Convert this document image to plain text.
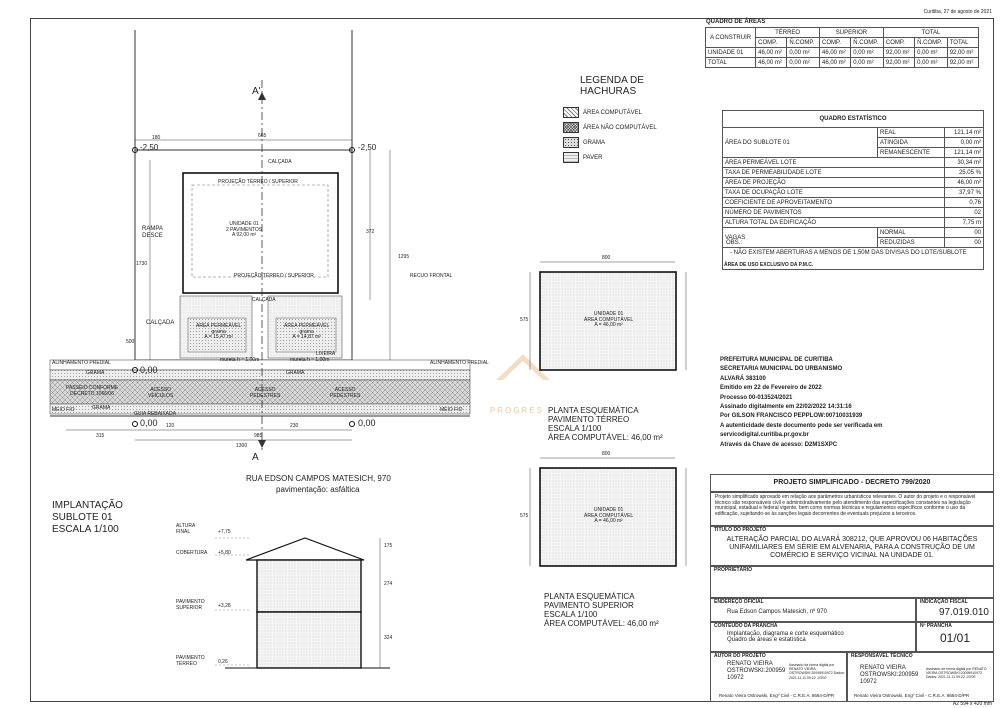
Curitiba, 27 de agosto de 2021
QUADRO DE ÁREAS
A CONSTRUIR	TÉRREO		SUPERIOR		TOTAL		
	COMP.	Ñ.COMP.	COMP.	Ñ.COMP.	COMP.	Ñ.COMP.	TOTAL
UNIDADE 01	46,00 m²	0,00 m²	46,00 m²	0,00 m²	92,00 m²	0,00 m²	92,00 m²
TOTAL	46,00 m²	0,00 m²	46,00 m²	0,00 m²	92,00 m²	0,00 m²	92,00 m²
QUADRO ESTATÍSTICO
ÁREA DO SUBLOTE 01	REAL	121,14 m²
	ATINGIDA	0,00 m²
	REMANESCENTE	121,14 m²
ÁREA PERMEÁVEL LOTE		30,34 m²
TAXA DE PERMEABILIDADE LOTE		25,05 %
ÁREA DE PROJEÇÃO		46,00 m²
TAXA DE OCUPAÇÃO LOTE		37,97 %
COEFICIENTE DE APROVEITAMENTO		0,76
NÚMERO DE PAVIMENTOS		02
ALTURA TOTAL DA EDIFICAÇÃO		7,75 m
VAGAS	NORMAL	00
	REDUZIDAS	00
OBS.:
- NÃO EXISTEM ABERTURAS A MENOS DE 1,50M DAS DIVISAS DO LOTE/SUBLOTE
ÁREA DE USO EXCLUSIVO DA P.M.C.
PREFEITURA MUNICIPAL DE CURITIBA
SECRETARIA MUNICIPAL DO URBANISMO
ALVARÁ 383100
Emitido em 22 de Fevereiro de 2022
Processo 00-013524/2021
Assinado digitalmente em 22/02/2022 14:31:16
Por GILSON FRANCISCO PEPPLOW:00710031939
A autenticidade deste documento pode ser verificada em
servicodigital.curitiba.pr.gov.br
Através da Chave de acesso: D2M1SXPC
PROGRES
LEGENDA DE
HACHURAS
ÁREA COMPUTÁVEL
ÁREA NÃO COMPUTÁVEL
GRAMA
PAVER
180	665
-2,50	-2,50
CALÇADA
PROJEÇÃO TÉRREO / SUPERIOR
PROJEÇÃO TÉRREO / SUPERIOR
UNIDADE 01
2 PAVIMENTOS
A 92,00 m²
RAMPA
DESCE
RECUO FRONTAL
1730
1295
372
CALÇADA
CALÇADA	ÁREA PERMEÁVEL
grama
A = 15,47 m²
ÁREA PERMEÁVEL
grama
A = 14,87 m²
LIXEIRA
mureta h = 1,00m	mureta h = 1,00m
ALINHAMENTO PREDIAL
500
0,00
GRAMA	GRAMA
PASSEIO CONFORME
DECRETO 1066/06
ACESSO
VEÍCULOS
ACESSO
PEDESTRES
ACESSO
PEDESTRES
GRAMA
MEIO FIO
GUIA REBAIXADA
MEIO FIO
ALINHAMENTO PREDIAL
0,00	0,00
315	985
120	230
1300
A'
A
RUA EDSON CAMPOS MATESICH, 970
pavimentação: asfáltica
IMPLANTAÇÃO
SUBLOTE 01
ESCALA 1/100
800
575
UNIDADE 01
ÁREA COMPUTÁVEL
A = 46,00 m²
PLANTA ESQUEMÁTICA
PAVIMENTO TÉRREO
ESCALA 1/100
ÁREA COMPUTÁVEL: 46,00 m²
800
575
UNIDADE 01
ÁREA COMPUTÁVEL
A = 46,00 m²
PLANTA ESQUEMÁTICA
PAVIMENTO SUPERIOR
ESCALA 1/100
ÁREA COMPUTÁVEL: 46,00 m²
ALTURA
FINAL	+7,75
COBERTURA +5,80
PAVIMENTO
SUPERIOR	+3,28
PAVIMENTO
TÉRREO	0,26
175
274
324
PROJETO SIMPLIFICADO - DECRETO 799/2020
Projeto simplificado aprovado em relação aos parâmetros urbanísticos relevantes. O autor do projeto e o responsável técnico são responsáveis civil e administrativamente pelo atendimento das especificações constantes na legislação municipal, estadual e federal vigente, bem como normas técnicas e regulamentos específicos conforme o uso da edificação, sujeitando-se às sanções legais decorrentes de eventuais prejuízos a terceiros.
TÍTULO DO PROJETO
ALTERAÇÃO PARCIAL DO ALVARÁ 308212, QUE APROVOU 06 HABITAÇÕES UNIFAMILIARES EM SÉRIE EM ALVENARIA, PARA A CONSTRUÇÃO DE UM COMÉRCIO E SERVIÇO VICINAL NA UNIDADE 01.
PROPRIETÁRIO
ENDEREÇO OFICIAL
Rua Edson Campos Matesich, nº 970
INDICAÇÃO FISCAL
97.019.010
CONTEÚDO DA PRANCHA
Implantação, diagrama e corte esquemático
Quadro de áreas e estatística
Nº PRANCHA
01/01
AUTOR DO PROJETO
RENATO VIEIRA
OSTROWSKI:200959
10972
Assinado de forma digital por RENATO VIEIRA OSTROWSKI:20095910972 Dados: 2021.11.11 09:22 -03'00'
Renato Vieira Ostrowski, Engº Civil - C.R.E.A. 8684-D/PR
RESPONSÁVEL TÉCNICO
RENATO VIEIRA
OSTROWSKI:200959
10972
Assinado de forma digital por RENATO VIEIRA OSTROWSKI:20095910972 Dados: 2021.11.11 09:22 -03'00'
Renato Vieira Ostrowski, Engº Civil - C.R.E.A. 8684-D/PR
A2 594 x 420 mm
